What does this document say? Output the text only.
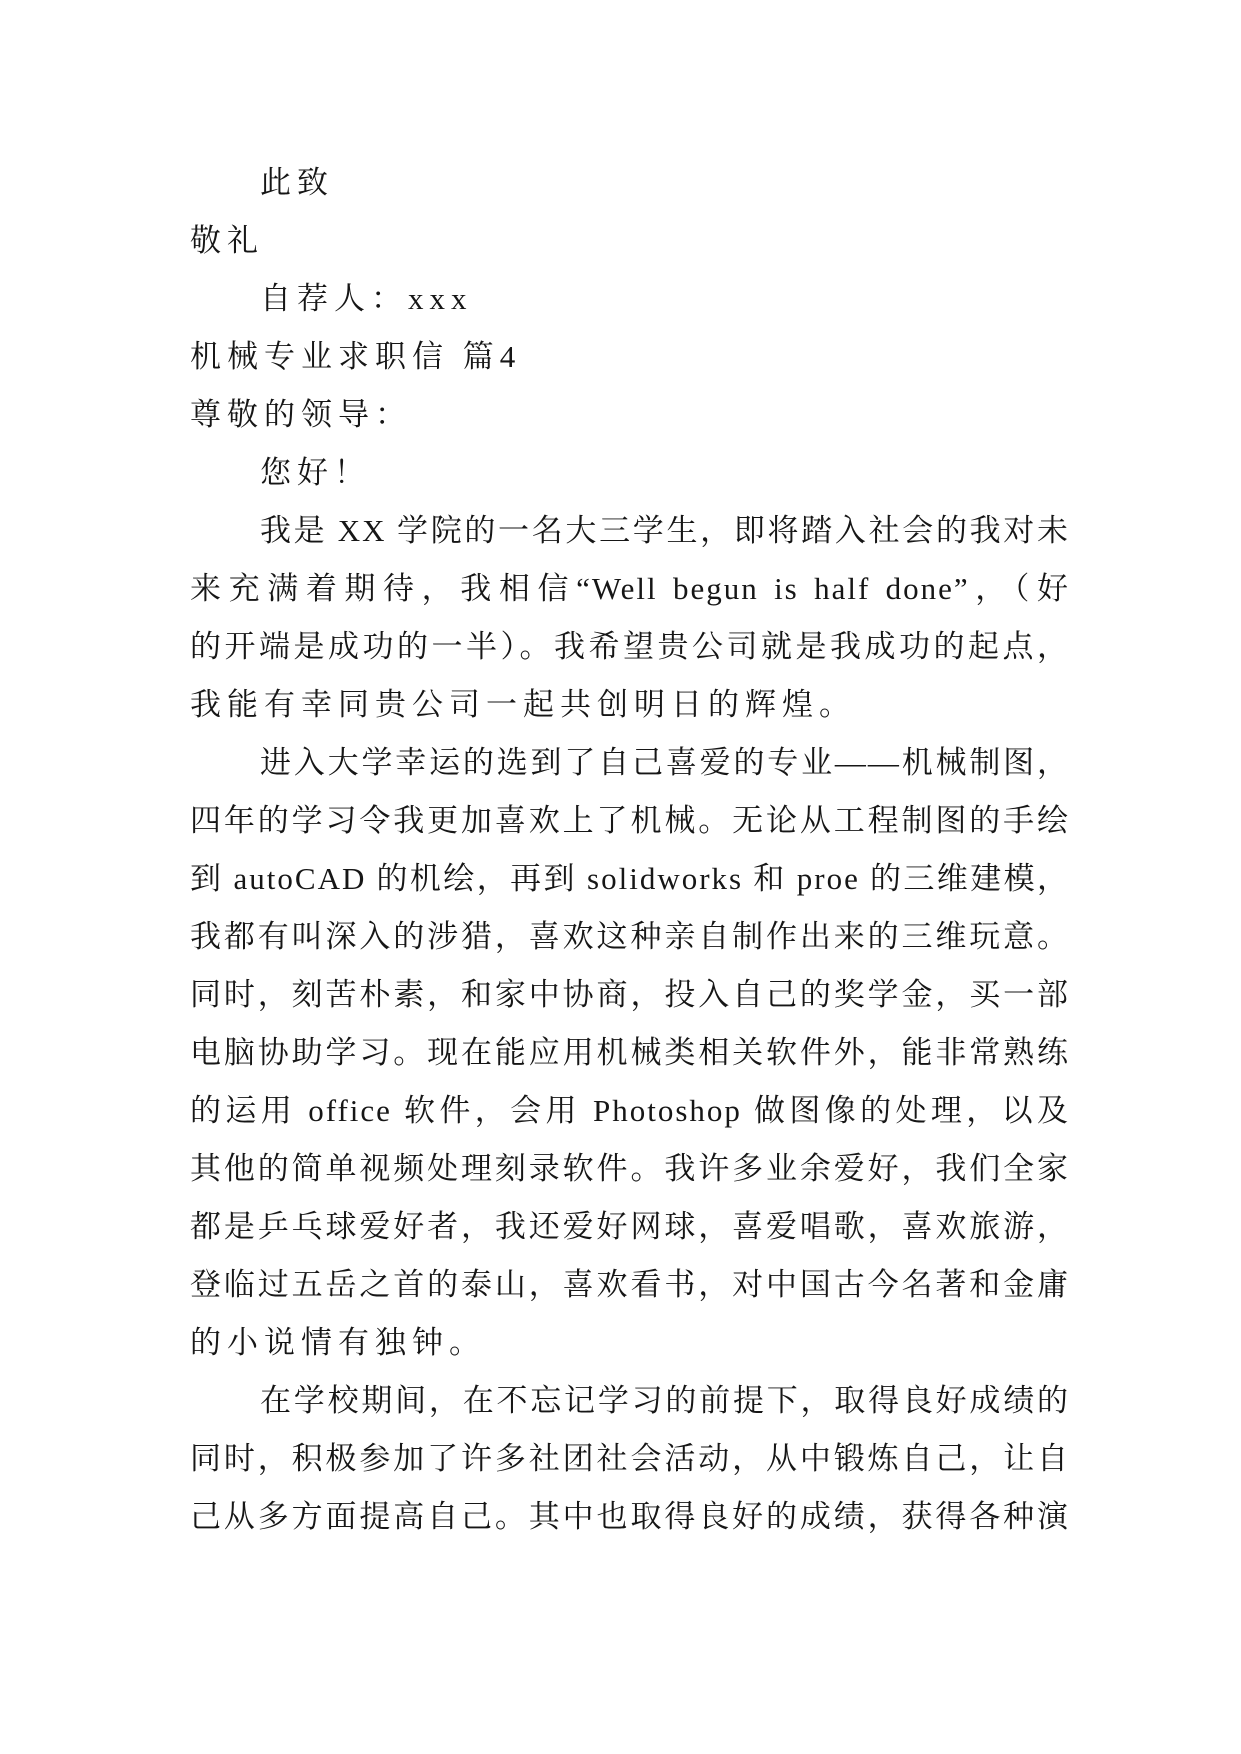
此致
敬礼
自荐人：xxx
机械专业求职信 篇4
尊敬的领导：
您好！
我是 XX 学院的一名大三学生，即将踏入社会的我对未
来充满着期待，我相信“Well begun is half done”，（好
的开端是成功的一半）。我希望贵公司就是我成功的起点，
我能有幸同贵公司一起共创明日的辉煌。
进入大学幸运的选到了自己喜爱的专业——机械制图，
四年的学习令我更加喜欢上了机械。无论从工程制图的手绘
到 autoCAD 的机绘，再到 solidworks 和 proe 的三维建模，
我都有叫深入的涉猎，喜欢这种亲自制作出来的三维玩意。
同时，刻苦朴素，和家中协商，投入自己的奖学金，买一部
电脑协助学习。现在能应用机械类相关软件外，能非常熟练
的运用 office 软件，会用 Photoshop 做图像的处理，以及
其他的简单视频处理刻录软件。我许多业余爱好，我们全家
都是乒乓球爱好者，我还爱好网球，喜爱唱歌，喜欢旅游，
登临过五岳之首的泰山，喜欢看书，对中国古今名著和金庸
的小说情有独钟。
在学校期间，在不忘记学习的前提下，取得良好成绩的
同时，积极参加了许多社团社会活动，从中锻炼自己，让自
己从多方面提高自己。其中也取得良好的成绩，获得各种演
